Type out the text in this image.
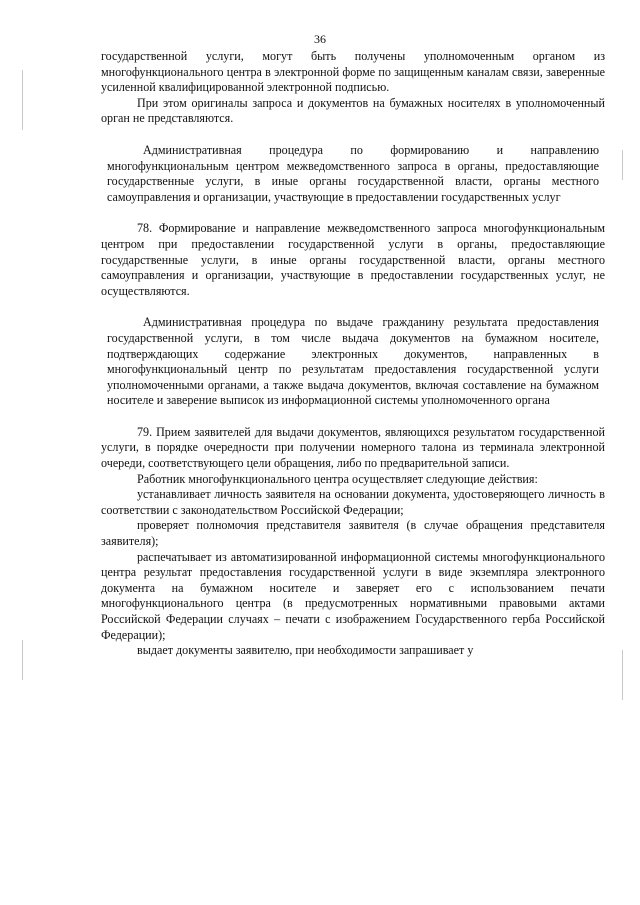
36

государственной услуги, могут быть получены уполномоченным органом из многофункционального центра в электронной форме по защищенным каналам связи, заверенные усиленной квалифицированной электронной подписью.

При этом оригиналы запроса и документов на бумажных носителях в уполномоченный орган не представляются.

Административная процедура по формированию и направлению многофункциональным центром межведомственного запроса в органы, предоставляющие государственные услуги, в иные органы государственной власти, органы местного самоуправления и организации, участвующие в предоставлении государственных услуг

78. Формирование и направление межведомственного запроса многофункциональным центром при предоставлении государственной услуги в органы, предоставляющие государственные услуги, в иные органы государственной власти, органы местного самоуправления и организации, участвующие в предоставлении государственных услуг, не осуществляются.

Административная процедура по выдаче гражданину результата предоставления государственной услуги, в том числе выдача документов на бумажном носителе, подтверждающих содержание электронных документов, направленных в многофункциональный центр по результатам предоставления государственной услуги уполномоченными органами, а также выдача документов, включая составление на бумажном носителе и заверение выписок из информационной системы уполномоченного органа

79. Прием заявителей для выдачи документов, являющихся результатом государственной услуги, в порядке очередности при получении номерного талона из терминала электронной очереди, соответствующего цели обращения, либо по предварительной записи.

Работник многофункционального центра осуществляет следующие действия:

устанавливает личность заявителя на основании документа, удостоверяющего личность в соответствии с законодательством Российской Федерации;

проверяет полномочия представителя заявителя (в случае обращения представителя заявителя);

распечатывает из автоматизированной информационной системы многофункционального центра результат предоставления государственной услуги в виде экземпляра электронного документа на бумажном носителе и заверяет его с использованием печати многофункционального центра (в предусмотренных нормативными правовыми актами Российской Федерации случаях – печати с изображением Государственного герба Российской Федерации);

выдает документы заявителю, при необходимости запрашивает у
